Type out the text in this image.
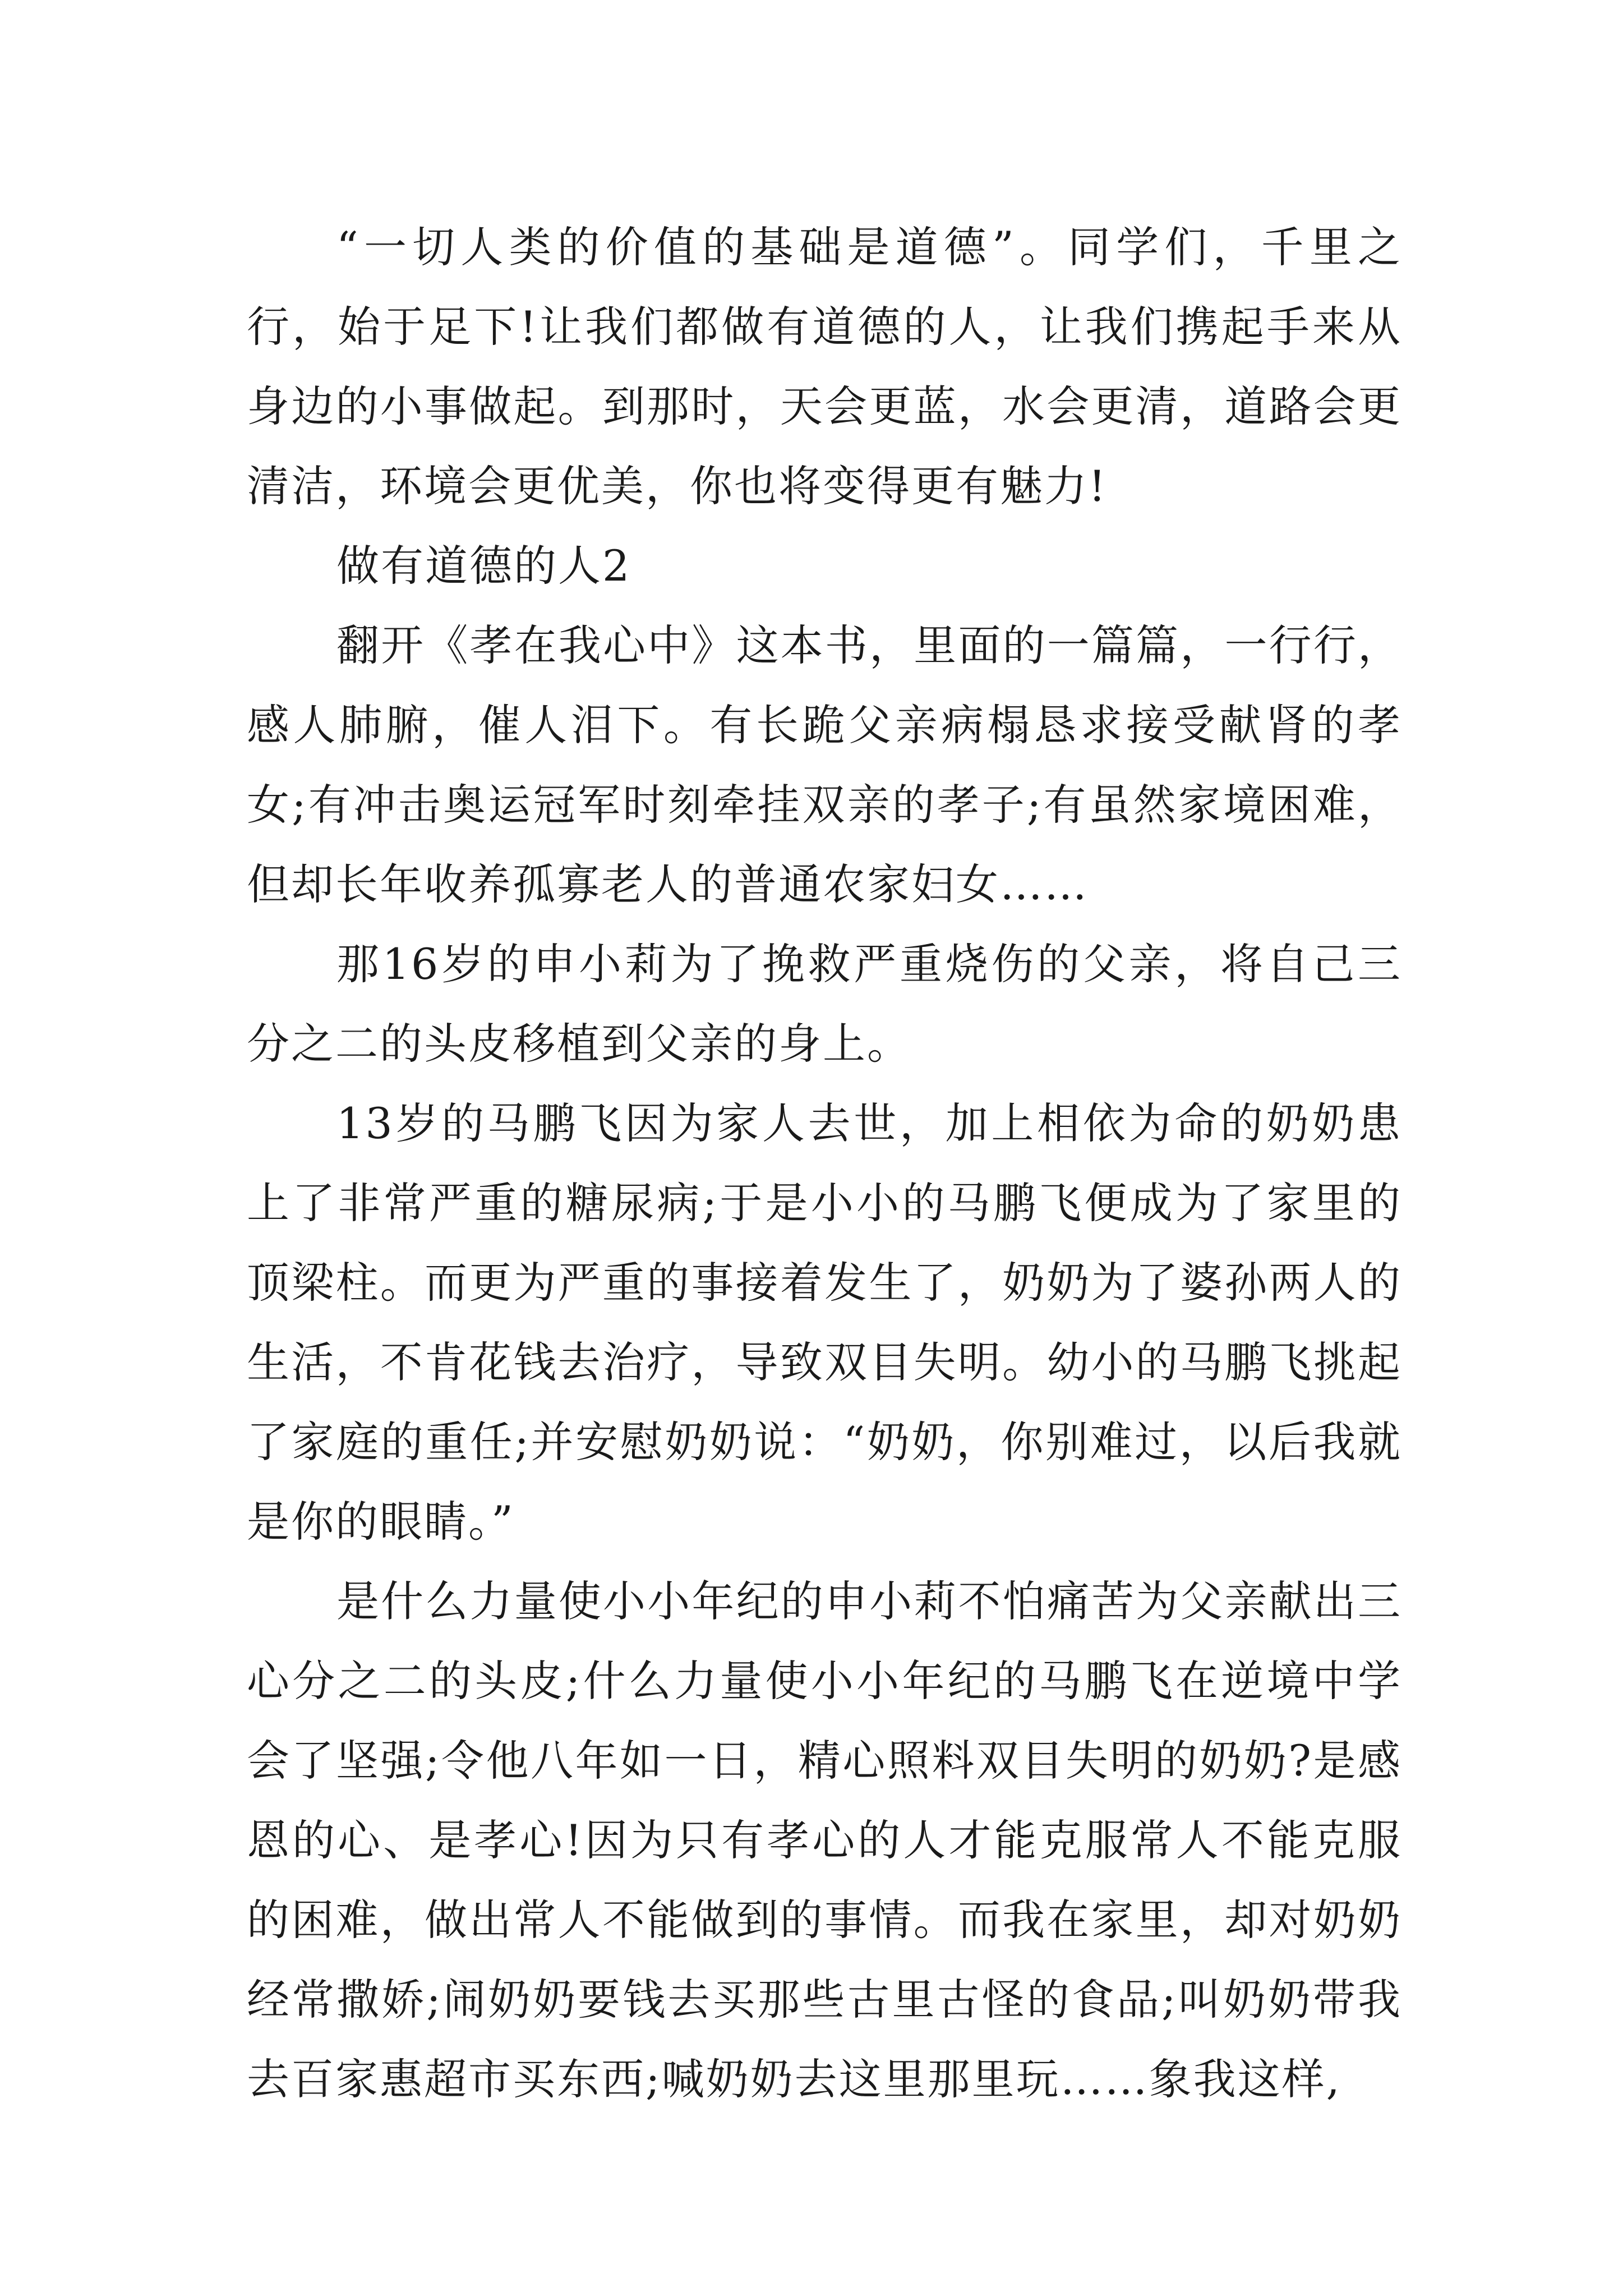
“一切人类的价值的基础是道德”。同学们，千里之行，始于足下!让我们都做有道德的人，让我们携起手来从身边的小事做起。到那时，天会更蓝，水会更清，道路会更清洁，环境会更优美，你也将变得更有魅力!

做有道德的人2

翻开《孝在我心中》这本书，里面的一篇篇，一行行，感人肺腑，催人泪下。有长跪父亲病榻恳求接受献肾的孝女;有冲击奥运冠军时刻牵挂双亲的孝子;有虽然家境困难，但却长年收养孤寡老人的普通农家妇女……

那16岁的申小莉为了挽救严重烧伤的父亲，将自己三分之二的头皮移植到父亲的身上。

13岁的马鹏飞因为家人去世，加上相依为命的奶奶患上了非常严重的糖尿病;于是小小的马鹏飞便成为了家里的顶梁柱。而更为严重的事接着发生了，奶奶为了婆孙两人的生活，不肯花钱去治疗，导致双目失明。幼小的马鹏飞挑起了家庭的重任;并安慰奶奶说：“奶奶，你别难过，以后我就是你的眼睛。”

是什么力量使小小年纪的申小莉不怕痛苦为父亲献出三心分之二的头皮;什么力量使小小年纪的马鹏飞在逆境中学会了坚强;令他八年如一日，精心照料双目失明的奶奶?是感恩的心、是孝心!因为只有孝心的人才能克服常人不能克服的困难，做出常人不能做到的事情。而我在家里，却对奶奶经常撒娇;闹奶奶要钱去买那些古里古怪的食品;叫奶奶带我去百家惠超市买东西;喊奶奶去这里那里玩……象我这样,
